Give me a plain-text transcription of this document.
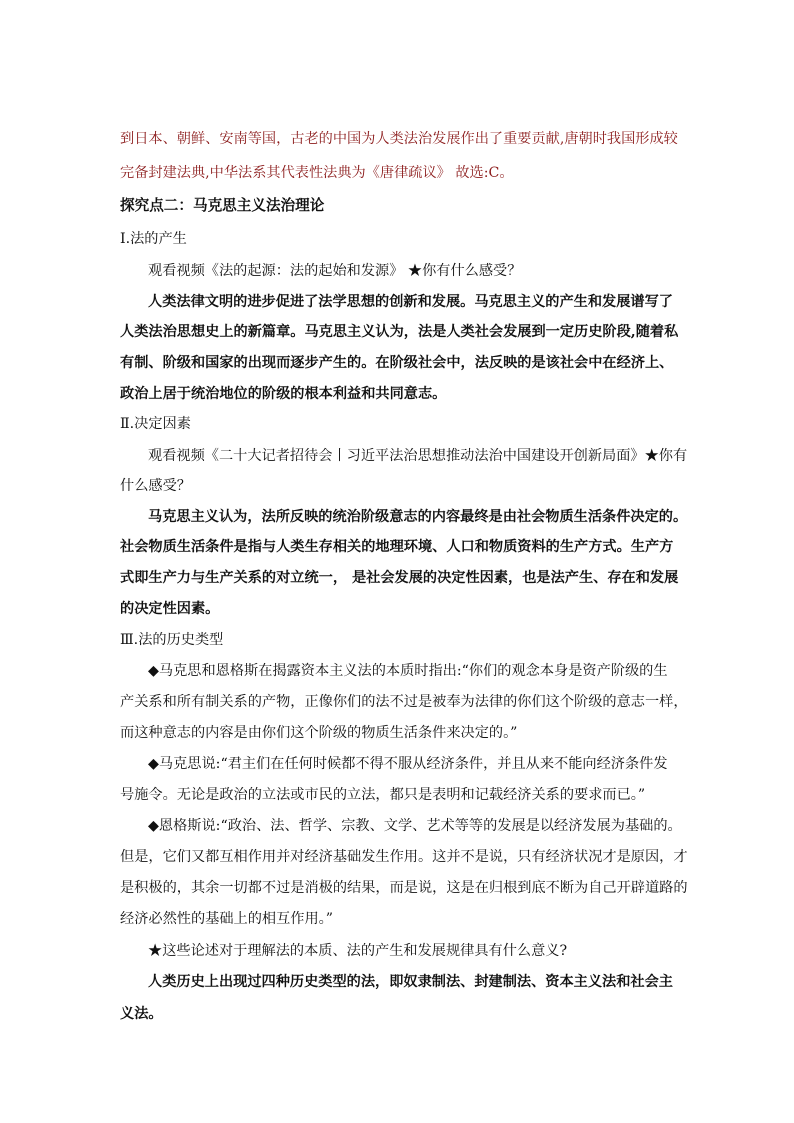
到日本、朝鲜、安南等国，古老的中国为人类法治发展作出了重要贡献,唐朝时我国形成较
完备封建法典,中华法系其代表性法典为《唐律疏议》 故选:C。
探究点二：马克思主义法治理论
Ⅰ.法的产生
观看视频《法的起源：法的起始和发源》 ★你有什么感受？
人类法律文明的进步促进了法学思想的创新和发展。马克思主义的产生和发展谱写了
人类法治思想史上的新篇章。马克思主义认为，法是人类社会发展到一定历史阶段,随着私
有制、阶级和国家的出现而逐步产生的。在阶级社会中，法反映的是该社会中在经济上、
政治上居于统治地位的阶级的根本利益和共同意志。
Ⅱ.决定因素
观看视频《二十大记者招待会丨习近平法治思想推动法治中国建设开创新局面》★你有
什么感受？
马克思主义认为，法所反映的统治阶级意志的内容最终是由社会物质生活条件决定的。
社会物质生活条件是指与人类生存相关的地理环境、人口和物质资料的生产方式。生产方
式即生产力与生产关系的对立统一， 是社会发展的决定性因素，也是法产生、存在和发展
的决定性因素。
Ⅲ.法的历史类型
◆马克思和恩格斯在揭露资本主义法的本质时指出:“你们的观念本身是资产阶级的生
产关系和所有制关系的产物，正像你们的法不过是被奉为法律的你们这个阶级的意志一样，
而这种意志的内容是由你们这个阶级的物质生活条件来决定的。”
◆马克思说:“君主们在任何时候都不得不服从经济条件，并且从来不能向经济条件发
号施令。无论是政治的立法或市民的立法，都只是表明和记载经济关系的要求而已。”
◆恩格斯说:“政治、法、哲学、宗教、文学、艺术等等的发展是以经济发展为基础的。
但是，它们又都互相作用并对经济基础发生作用。这并不是说，只有经济状况才是原因，才
是积极的，其余一切都不过是消极的结果，而是说，这是在归根到底不断为自己开辟道路的
经济必然性的基础上的相互作用。”
★这些论述对于理解法的本质、法的产生和发展规律具有什么意义?
人类历史上出现过四种历史类型的法，即奴隶制法、封建制法、资本主义法和社会主
义法。
